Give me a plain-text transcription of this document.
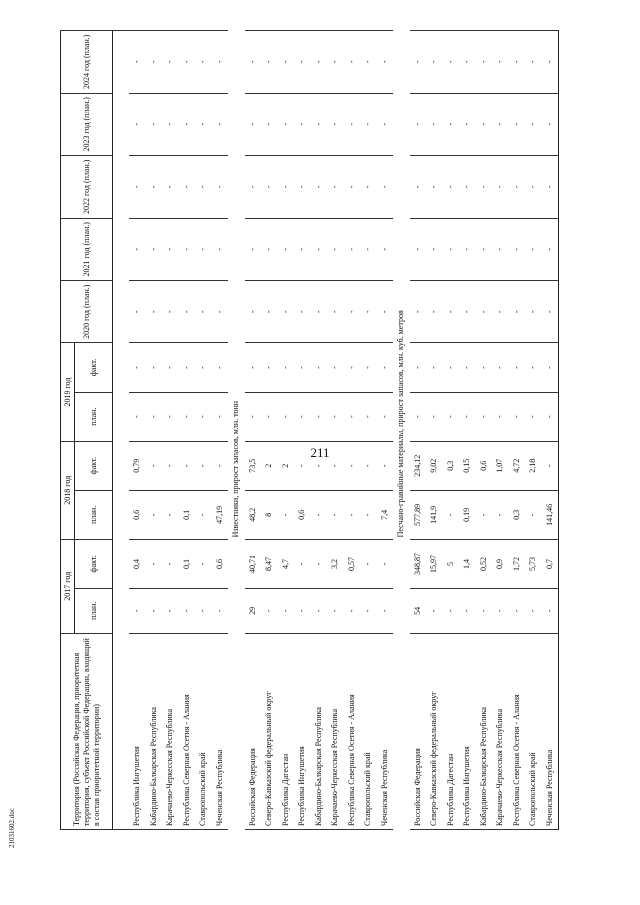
211
21031602.doc
Территория (Российская Федерация, приоритетная территория, субъект Российской Федерации, входящий в состав приоритетной территории)	2017 год		2018 год		2019 год		2020 год (план.)	2021 год (план.)	2022 год (план.)	2023 год (план.)	2024 год (план.)
	план.	факт.	план.	факт.	план.	факт.					

Республика Ингушетия	-	0,4	0,6	0,79	-	-	-	-	-	-	-
Кабардино-Балкарская Республика	-	-	-	-	-	-	-	-	-	-	-
Карачаево-Черкесская Республика	-	-	-	-	-	-	-	-	-	-	-
Республика Северная Осетия - Алания	-	0,1	0,1	-	-	-	-	-	-	-	-
Ставропольский край	-	-	-	-	-	-	-	-	-	-	-
Чеченская Республика	-	0,6	47,19	-	-	-	-	-	-	-	-
			Известняки, прирост запасов, млн. тонн								
Российская Федерация	29	40,71	48,2	73,5	-	-	-	-	-	-	-
Северо-Кавказский федеральный округ	-	8,47	8	2	-	-	-	-	-	-	-
Республика Дагестан	-	4,7	-	2	-	-	-	-	-	-	-
Республика Ингушетия	-	-	0,6	-	-	-	-	-	-	-	-
Кабардино-Балкарская Республика	-	-	-	-	-	-	-	-	-	-	-
Карачаево-Черкесская Республика	-	3,2	-	-	-	-	-	-	-	-	-
Республика Северная Осетия - Алания	-	0,57	-	-	-	-	-	-	-	-	-
Ставропольский край	-	-	-	-	-	-	-	-	-	-	-
Чеченская Республика	-	-	7,4	-	-	-	-	-	-	-	-
			Песчано-гравийные материалы, прирост запасов, млн. куб. метров								
Российская Федерация	54	348,87	577,89	234,12	-	-	-	-	-	-	-
Северо-Кавказский федеральный округ	-	15,97	141,9	9,02	-	-	-	-	-	-	-
Республика Дагестан	-	5	-	0,3	-	-	-	-	-	-	-
Республика Ингушетия	-	1,4	0,19	0,15	-	-	-	-	-	-	-
Кабардино-Балкарская Республика	-	0,52	-	0,6	-	-	-	-	-	-	-
Карачаево-Черкесская Республика	-	0,9	-	1,07	-	-	-	-	-	-	-
Республика Северная Осетия - Алания	-	1,72	0,3	4,72	-	-	-	-	-	-	-
Ставропольский край	-	5,73	-	2,18	-	-	-	-	-	-	-
Чеченская Республика	-	0,7	141,46	-	-	-	-	-	-	-	-
